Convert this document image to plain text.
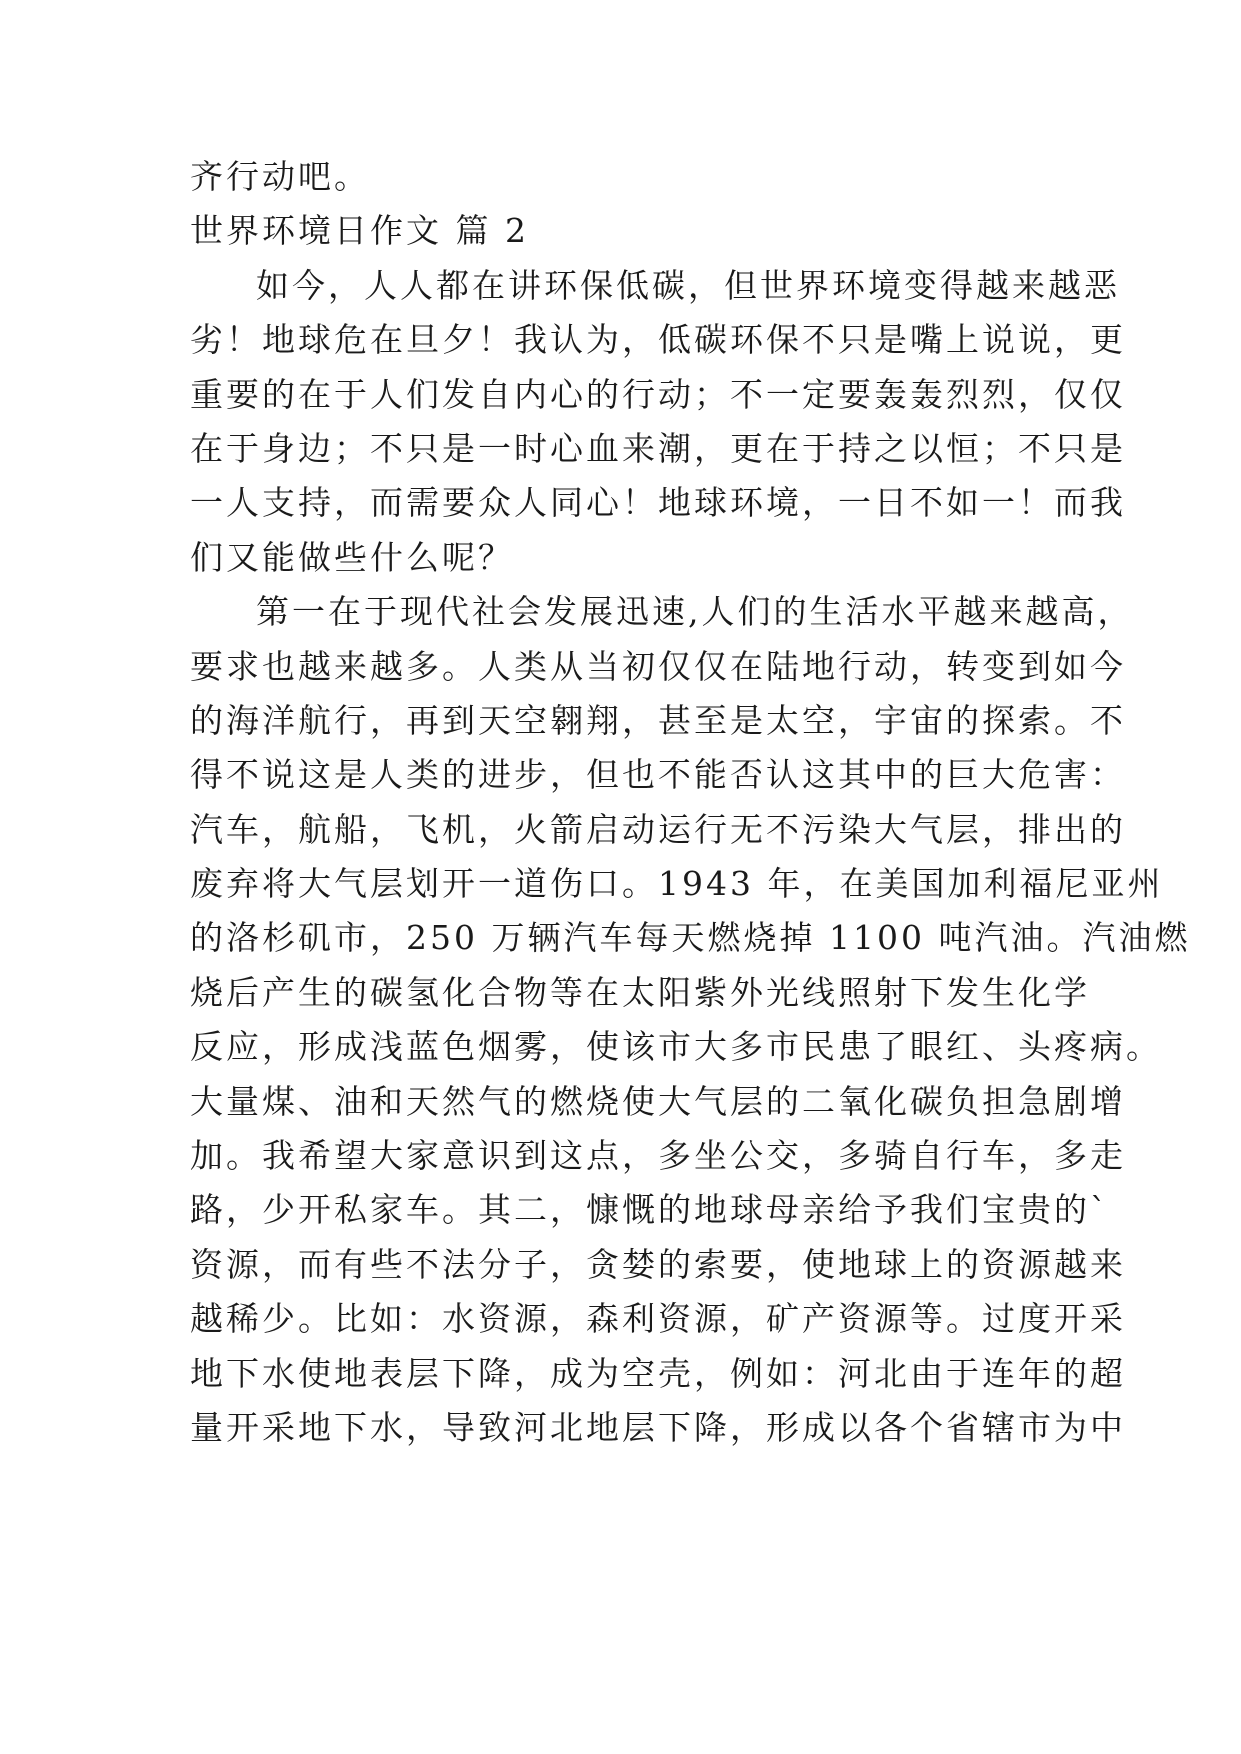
齐行动吧。
世界环境日作文 篇 2
如今，人人都在讲环保低碳，但世界环境变得越来越恶
劣！地球危在旦夕！我认为，低碳环保不只是嘴上说说，更
重要的在于人们发自内心的行动；不一定要轰轰烈烈，仅仅
在于身边；不只是一时心血来潮，更在于持之以恒；不只是
一人支持，而需要众人同心！地球环境，一日不如一！而我
们又能做些什么呢？
第一在于现代社会发展迅速,人们的生活水平越来越高，
要求也越来越多。人类从当初仅仅在陆地行动，转变到如今
的海洋航行，再到天空翱翔，甚至是太空，宇宙的探索。不
得不说这是人类的进步，但也不能否认这其中的巨大危害：
汽车，航船，飞机，火箭启动运行无不污染大气层，排出的
废弃将大气层划开一道伤口。1943 年，在美国加利福尼亚州
的洛杉矶市，250 万辆汽车每天燃烧掉 1100 吨汽油。汽油燃
烧后产生的碳氢化合物等在太阳紫外光线照射下发生化学
反应，形成浅蓝色烟雾，使该市大多市民患了眼红、头疼病。
大量煤、油和天然气的燃烧使大气层的二氧化碳负担急剧增
加。我希望大家意识到这点，多坐公交，多骑自行车，多走
路，少开私家车。其二，慷慨的地球母亲给予我们宝贵的`
资源，而有些不法分子，贪婪的索要，使地球上的资源越来
越稀少。比如：水资源，森利资源，矿产资源等。过度开采
地下水使地表层下降，成为空壳，例如：河北由于连年的超
量开采地下水，导致河北地层下降，形成以各个省辖市为中
